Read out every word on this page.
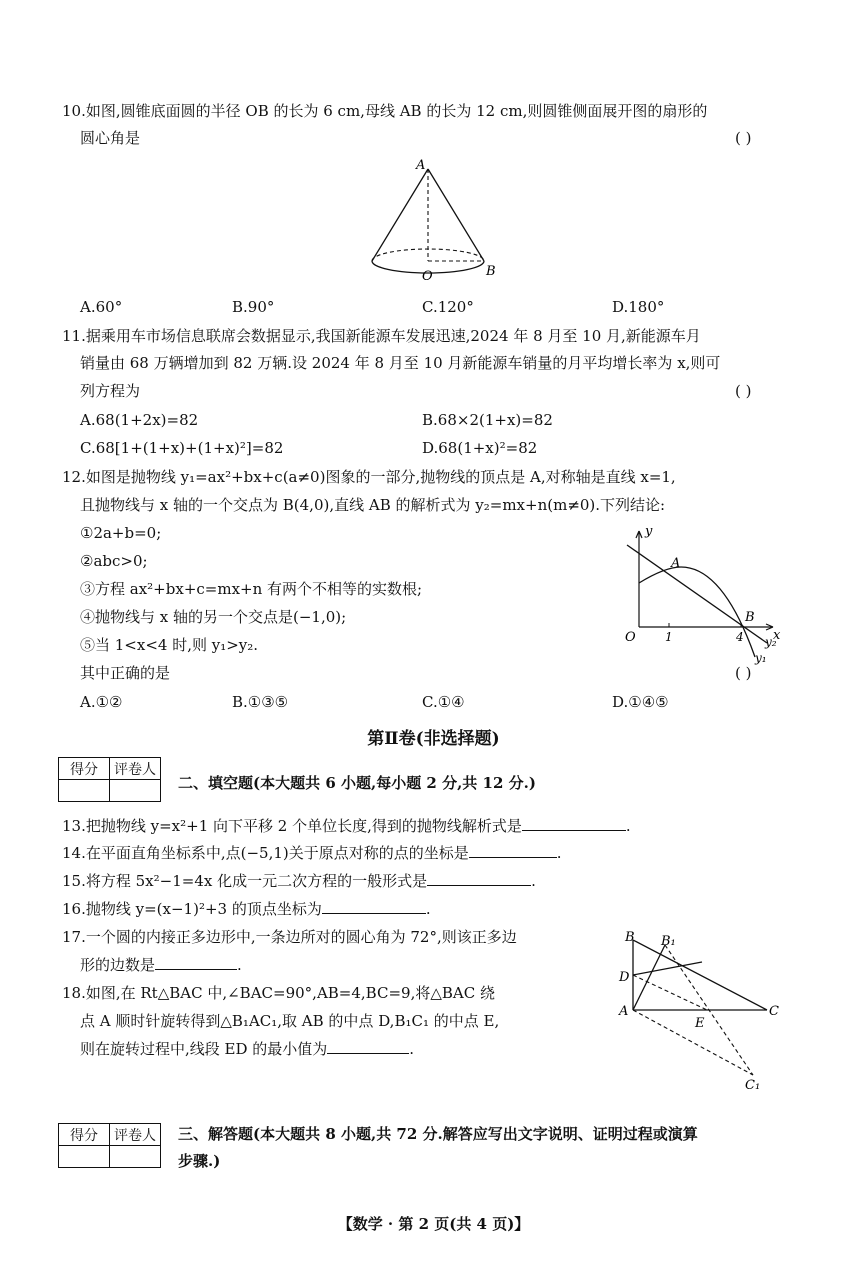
10.如图,圆锥底面圆的半径 OB 的长为 6 cm,母线 AB 的长为 12 cm,则圆锥侧面展开图的扇形的
圆心角是	( )
A
O	B
A.60°	B.90°	C.120°	D.180°
11.据乘用车市场信息联席会数据显示,我国新能源车发展迅速,2024 年 8 月至 10 月,新能源车月
销量由 68 万辆增加到 82 万辆.设 2024 年 8 月至 10 月新能源车销量的月平均增长率为 x,则可
列方程为	( )
A.68(1+2x)=82	B.68×2(1+x)=82
C.68[1+(1+x)+(1+x)²]=82	D.68(1+x)²=82
12.如图是抛物线 y₁=ax²+bx+c(a≠0)图象的一部分,抛物线的顶点是 A,对称轴是直线 x=1,
且抛物线与 x 轴的一个交点为 B(4,0),直线 AB 的解析式为 y₂=mx+n(m≠0).下列结论:
①2a+b=0;
②abc>0;
③方程 ax²+bx+c=mx+n 有两个不相等的实数根;
④抛物线与 x 轴的另一个交点是(−1,0);
⑤当 1<x<4 时,则 y₁>y₂.
其中正确的是	( )
A.①②	B.①③⑤	C.①④	D.①④⑤
y
x
O 1	4
A
B
y₁
y₂
第Ⅱ卷(非选择题)
得分	评卷人

二、填空题(本大题共 6 小题,每小题 2 分,共 12 分.)
13.把抛物线 y=x²+1 向下平移 2 个单位长度,得到的抛物线解析式是	.
14.在平面直角坐标系中,点(−5,1)关于原点对称的点的坐标是	.
15.将方程 5x²−1=4x 化成一元二次方程的一般形式是	.
16.抛物线 y=(x−1)²+3 的顶点坐标为	.
17.一个圆的内接正多边形中,一条边所对的圆心角为 72°,则该正多边
形的边数是	.
18.如图,在 Rt△BAC 中,∠BAC=90°,AB=4,BC=9,将△BAC 绕
点 A 顺时针旋转得到△B₁AC₁,取 AB 的中点 D,B₁C₁ 的中点 E,
则在旋转过程中,线段 ED 的最小值为	.
B B₁
D
A
E
C
C₁
得分	评卷人
	三、解答题(本大题共 8 小题,共 72 分.解答应写出文字说明、证明过程或演算
步骤.)
【数学 · 第 2 页(共 4 页)】
